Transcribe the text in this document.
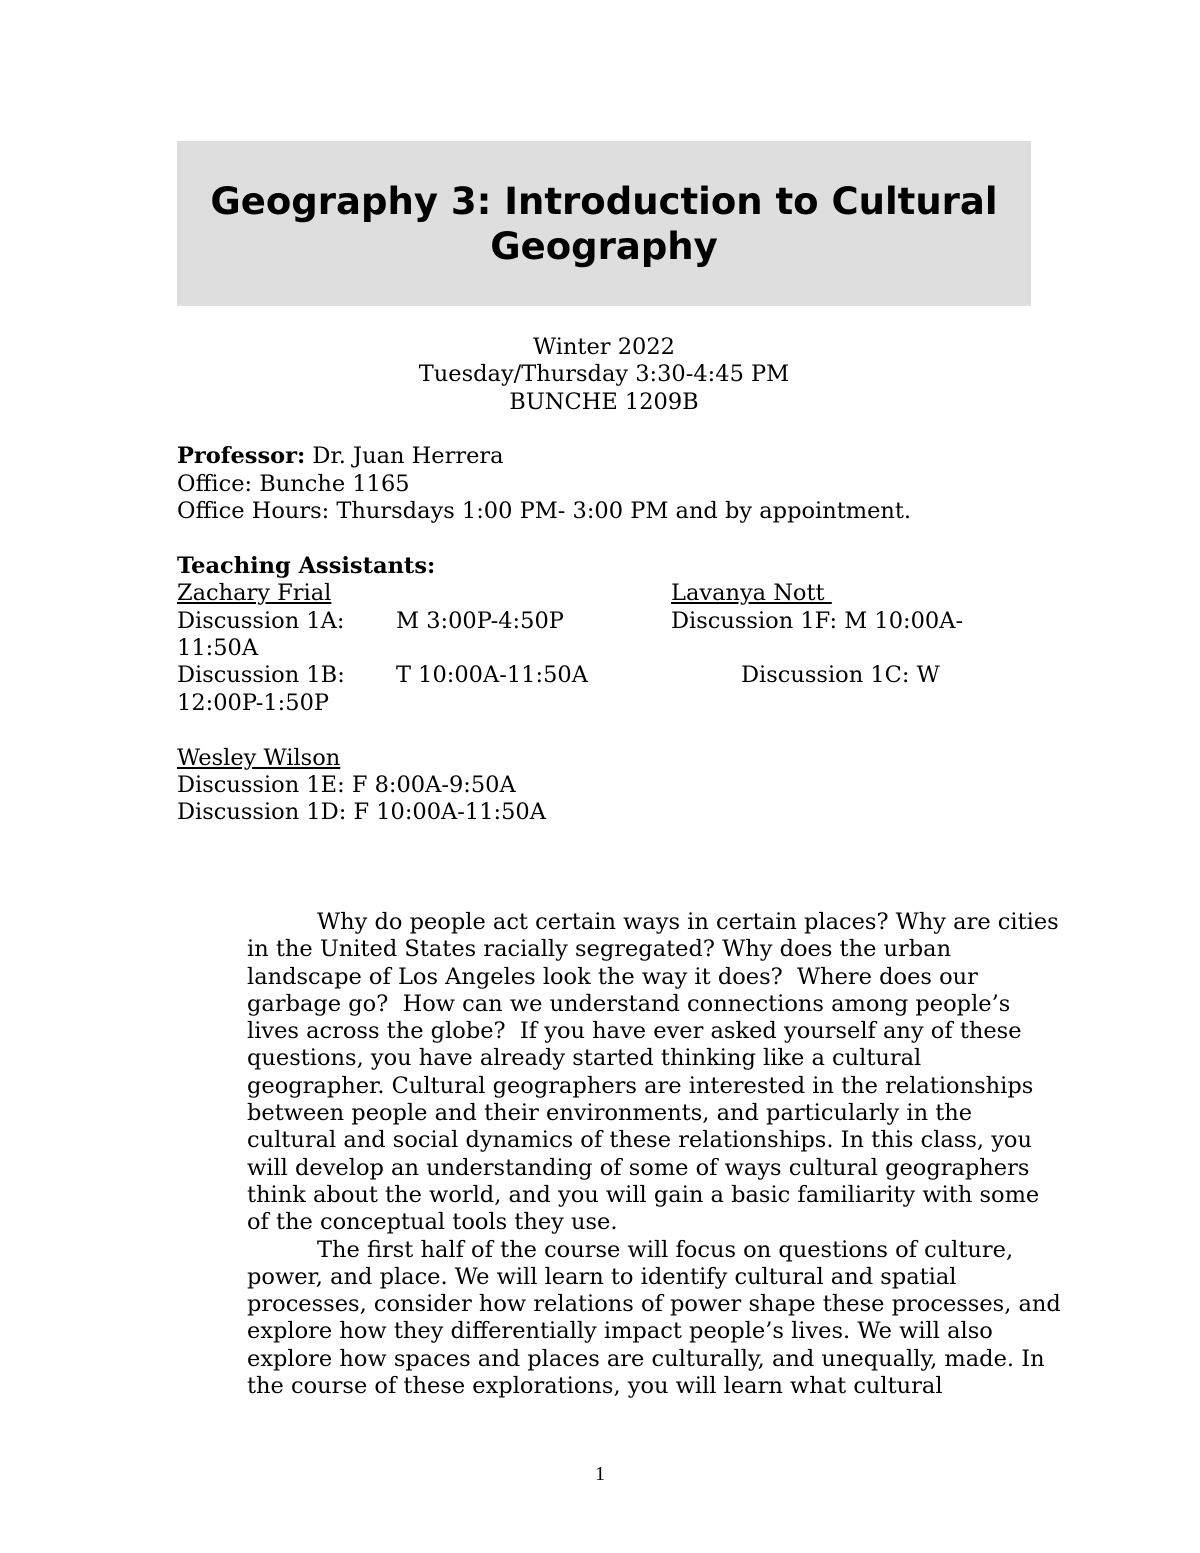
Geography 3: Introduction to Cultural Geography
Winter 2022
Tuesday/Thursday 3:30-4:45 PM
BUNCHE 1209B
Professor: Dr. Juan Herrera
Office: Bunche 1165
Office Hours: Thursdays 1:00 PM- 3:00 PM and by appointment.
Teaching Assistants:
Zachary Frial	Lavanya Nott
Discussion 1A: M 3:00P-4:50P	Discussion 1F: M 10:00A-
11:50A
Discussion 1B: T 10:00A-11:50A	Discussion 1C: W
12:00P-1:50P
Wesley Wilson
Discussion 1E: F 8:00A-9:50A
Discussion 1D: F 10:00A-11:50A

Why do people act certain ways in certain places? Why are cities
in the United States racially segregated? Why does the urban
landscape of Los Angeles look the way it does?  Where does our
garbage go?  How can we understand connections among people’s
lives across the globe?  If you have ever asked yourself any of these
questions, you have already started thinking like a cultural
geographer. Cultural geographers are interested in the relationships
between people and their environments, and particularly in the
cultural and social dynamics of these relationships. In this class, you
will develop an understanding of some of ways cultural geographers
think about the world, and you will gain a basic familiarity with some
of the conceptual tools they use.

The first half of the course will focus on questions of culture,
power, and place. We will learn to identify cultural and spatial
processes, consider how relations of power shape these processes, and
explore how they differentially impact people’s lives. We will also
explore how spaces and places are culturally, and unequally, made. In
the course of these explorations, you will learn what cultural

1
